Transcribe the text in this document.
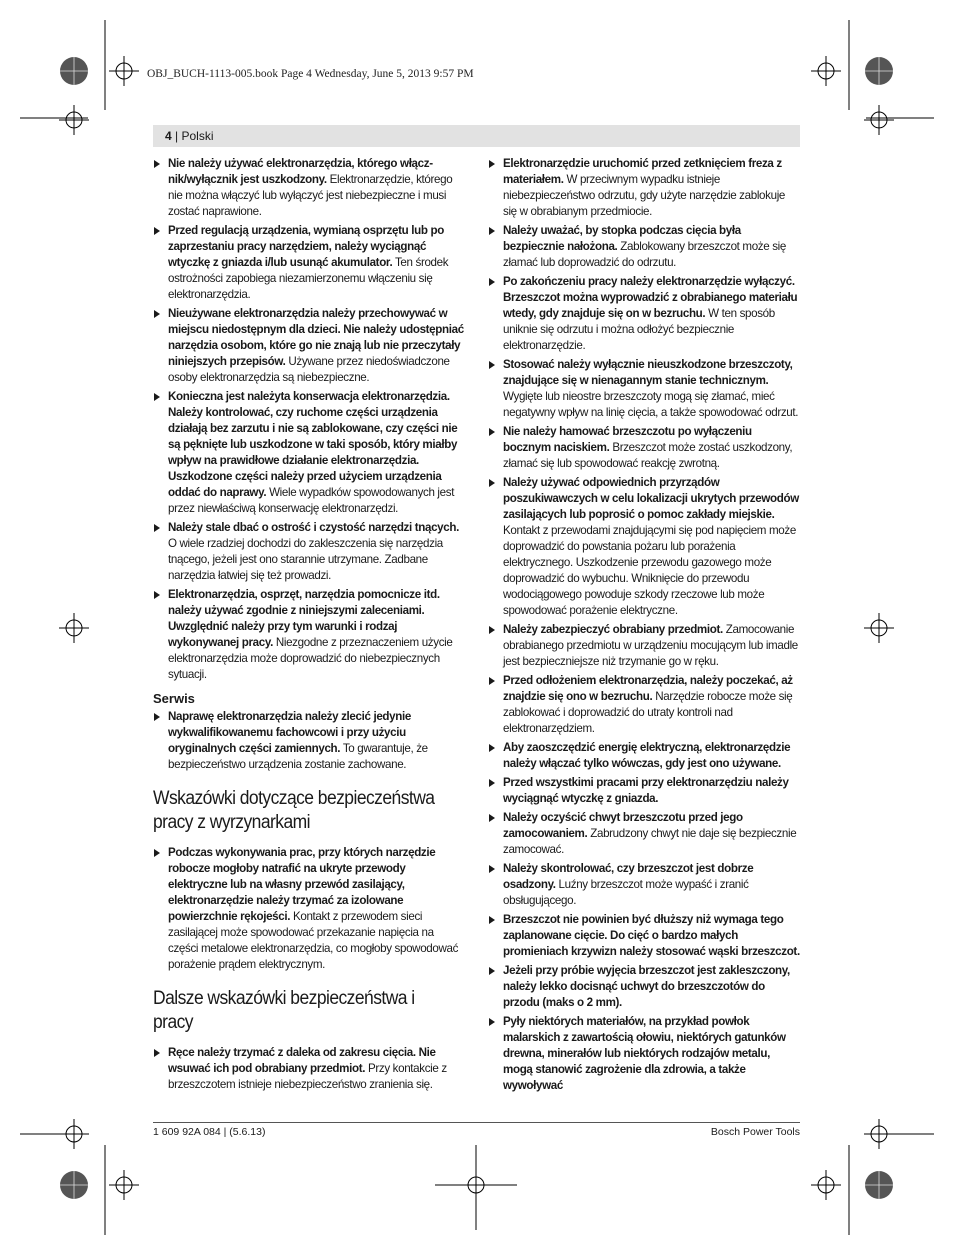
OBJ_BUCH-1113-005.book Page 4 Wednesday, June 5, 2013 9:57 PM
4 | Polski
Nie należy używać elektronarzędzia, którego włącz-nik/wyłącznik jest uszkodzony. Elektronarzędzie, którego nie można włączyć lub wyłączyć jest niebezpieczne i musi zostać naprawione.
Przed regulacją urządzenia, wymianą osprzętu lub po zaprzestaniu pracy narzędziem, należy wyciągnąć wtyczkę z gniazda i/lub usunąć akumulator. Ten środek ostrożności zapobiega niezamierzonemu włączeniu się elektronarzędzia.
Nieużywane elektronarzędzia należy przechowywać w miejscu niedostępnym dla dzieci. Nie należy udostępniać narzędzia osobom, które go nie znają lub nie przeczytały niniejszych przepisów. Używane przez niedoświadczone osoby elektronarzędzia są niebezpieczne.
Konieczna jest należyta konserwacja elektronarzędzia. Należy kontrolować, czy ruchome części urządzenia działają bez zarzutu i nie są zablokowane, czy części nie są pęknięte lub uszkodzone w taki sposób, który miałby wpływ na prawidłowe działanie elektronarzędzia. Uszkodzone części należy przed użyciem urządzenia oddać do naprawy. Wiele wypadków spowodowanych jest przez niewłaściwą konserwację elektronarzędzi.
Należy stale dbać o ostrość i czystość narzędzi tnących. O wiele rzadziej dochodzi do zakleszczenia się narzędzia tnącego, jeżeli jest ono starannie utrzymane. Zadbane narzędzia łatwiej się też prowadzi.
Elektronarzędzia, osprzęt, narzędzia pomocnicze itd. należy używać zgodnie z niniejszymi zaleceniami. Uwzględnić należy przy tym warunki i rodzaj wykonywanej pracy. Niezgodne z przeznaczeniem użycie elektronarzędzia może doprowadzić do niebezpiecznych sytuacji.
Serwis
Naprawę elektronarzędzia należy zlecić jedynie wykwalifikowanemu fachowcowi i przy użyciu oryginalnych części zamiennych. To gwarantuje, że bezpieczeństwo urządzenia zostanie zachowane.
Wskazówki dotyczące bezpieczeństwa pracy z wyrzynarkami
Podczas wykonywania prac, przy których narzędzie robocze mogłoby natrafić na ukryte przewody elektryczne lub na własny przewód zasilający, elektronarzędzie należy trzymać za izolowane powierzchnie rękojeści. Kontakt z przewodem sieci zasilającej może spowodować przekazanie napięcia na części metalowe elektronarzędzia, co mogłoby spowodować porażenie prądem elektrycznym.
Dalsze wskazówki bezpieczeństwa i pracy
Ręce należy trzymać z daleka od zakresu cięcia. Nie wsuwać ich pod obrabiany przedmiot. Przy kontakcie z brzeszczotem istnieje niebezpieczeństwo zranienia się.
Elektronarzędzie uruchomić przed zetknięciem freza z materiałem. W przeciwnym wypadku istnieje niebezpieczeństwo odrzutu, gdy użyte narzędzie zablokuje się w obrabianym przedmiocie.
Należy uważać, by stopka podczas cięcia była bezpiecznie nałożona. Zablokowany brzeszczot może się złamać lub doprowadzić do odrzutu.
Po zakończeniu pracy należy elektronarzędzie wyłączyć. Brzeszczot można wyprowadzić z obrabianego materiału wtedy, gdy znajduje się on w bezruchu. W ten sposób uniknie się odrzutu i można odłożyć bezpiecznie elektronarzędzie.
Stosować należy wyłącznie nieuszkodzone brzeszczoty, znajdujące się w nienagannym stanie technicznym. Wygięte lub nieostre brzeszczoty mogą się złamać, mieć negatywny wpływ na linię cięcia, a także spowodować odrzut.
Nie należy hamować brzeszczotu po wyłączeniu bocznym naciskiem. Brzeszczot może zostać uszkodzony, złamać się lub spowodować reakcję zwrotną.
Należy używać odpowiednich przyrządów poszukiwawczych w celu lokalizacji ukrytych przewodów zasilających lub poprosić o pomoc zakłady miejskie. Kontakt z przewodami znajdującymi się pod napięciem może doprowadzić do powstania pożaru lub porażenia elektrycznego. Uszkodzenie przewodu gazowego może doprowadzić do wybuchu. Wniknięcie do przewodu wodociągowego powoduje szkody rzeczowe lub może spowodować porażenie elektryczne.
Należy zabezpieczyć obrabiany przedmiot. Zamocowanie obrabianego przedmiotu w urządzeniu mocującym lub imadle jest bezpieczniejsze niż trzymanie go w ręku.
Przed odłożeniem elektronarzędzia, należy poczekać, aż znajdzie się ono w bezruchu. Narzędzie robocze może się zablokować i doprowadzić do utraty kontroli nad elektronarzędziem.
Aby zaoszczędzić energię elektryczną, elektronarzędzie należy włączać tylko wówczas, gdy jest ono używane.
Przed wszystkimi pracami przy elektronarzędziu należy wyciągnąć wtyczkę z gniazda.
Należy oczyścić chwyt brzeszczotu przed jego zamocowaniem. Zabrudzony chwyt nie daje się bezpiecznie zamocować.
Należy skontrolować, czy brzeszczot jest dobrze osadzony. Luźny brzeszczot może wypaść i zranić obsługującego.
Brzeszczot nie powinien być dłuższy niż wymaga tego zaplanowane cięcie. Do cięć o bardzo małych promieniach krzywizn należy stosować wąski brzeszczot.
Jeżeli przy próbie wyjęcia brzeszczot jest zakleszczony, należy lekko docisnąć uchwyt do brzeszczotów do przodu (maks o 2 mm).
Pyły niektórych materiałów, na przykład powłok malarskich z zawartością ołowiu, niektórych gatunków drewna, minerałów lub niektórych rodzajów metalu, mogą stanowić zagrożenie dla zdrowia, a także wywoływać
1 609 92A 084 | (5.6.13)	Bosch Power Tools
